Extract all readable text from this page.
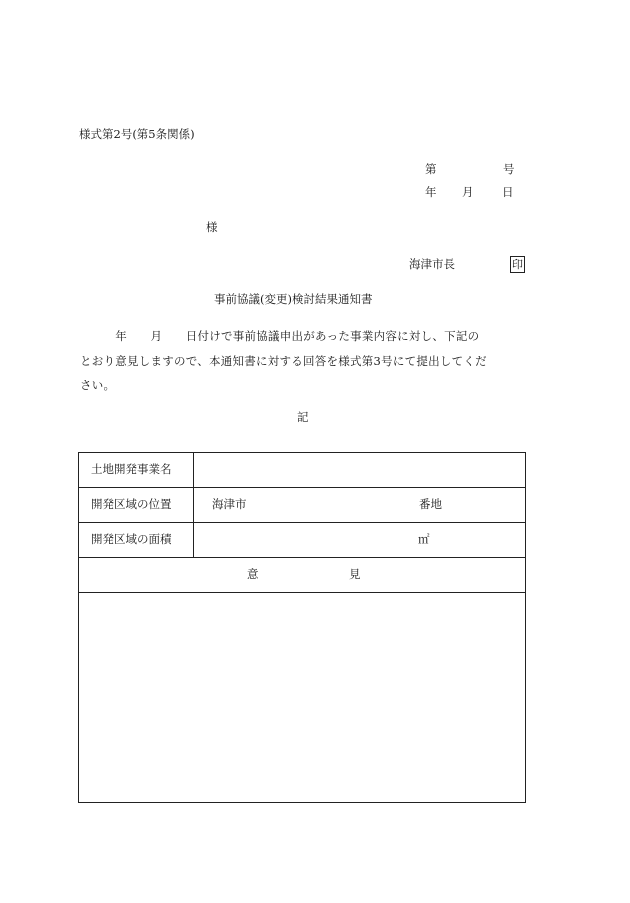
様式第2号(第5条関係)
第	号
年 月 日
様
海津市長	印
事前協議(変更)検討結果通知書

　　　年　　月　　日付けで事前協議申出があった事業内容に対し、下記の

とおり意見しますので、本通知書に対する回答を様式第3号にて提出してくだ

さい。

記
土地開発事業名
開発区域の位置	海津市	番地
開発区域の面積	㎡
意	見
